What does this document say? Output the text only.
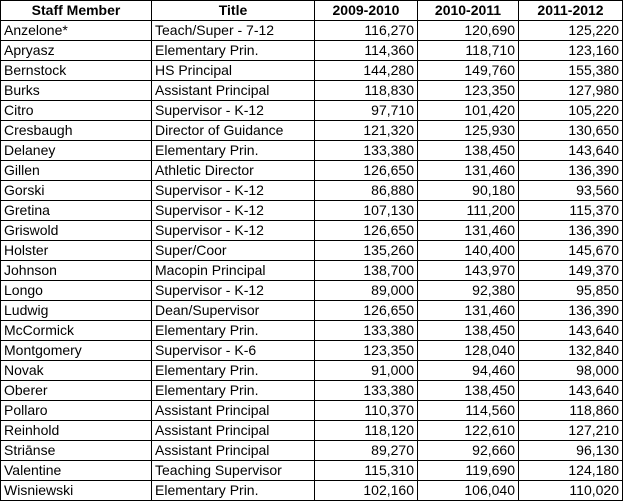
Staff Member	Title	2009-2010	2010-2011	2011-2012
Anzelone*	Teach/Super - 7-12	116,270	120,690	125,220
Apryasz	Elementary Prin.	114,360	118,710	123,160
Bernstock	HS Principal	144,280	149,760	155,380
Burks	Assistant Principal	118,830	123,350	127,980
Citro	Supervisor - K-12	97,710	101,420	105,220
Cresbaugh	Director of Guidance	121,320	125,930	130,650
Delaney	Elementary Prin.	133,380	138,450	143,640
Gillen	Athletic Director	126,650	131,460	136,390
Gorski	Supervisor - K-12	86,880	90,180	93,560
Gretina	Supervisor - K-12	107,130	111,200	115,370
Griswold	Supervisor - K-12	126,650	131,460	136,390
Holster	Super/Coor	135,260	140,400	145,670
Johnson	Macopin Principal	138,700	143,970	149,370
Longo	Supervisor - K-12	89,000	92,380	95,850
Ludwig	Dean/Supervisor	126,650	131,460	136,390
McCormick	Elementary Prin.	133,380	138,450	143,640
Montgomery	Supervisor - K-6	123,350	128,040	132,840
Novak	Elementary Prin.	91,000	94,460	98,000
Oberer	Elementary Prin.	133,380	138,450	143,640
Pollaro	Assistant Principal	110,370	114,560	118,860
Reinhold	Assistant Principal	118,120	122,610	127,210
Striānse	Assistant Principal	89,270	92,660	96,130
Valentine	Teaching Supervisor	115,310	119,690	124,180
Wisniewski	Elementary Prin.	102,160	106,040	110,020
